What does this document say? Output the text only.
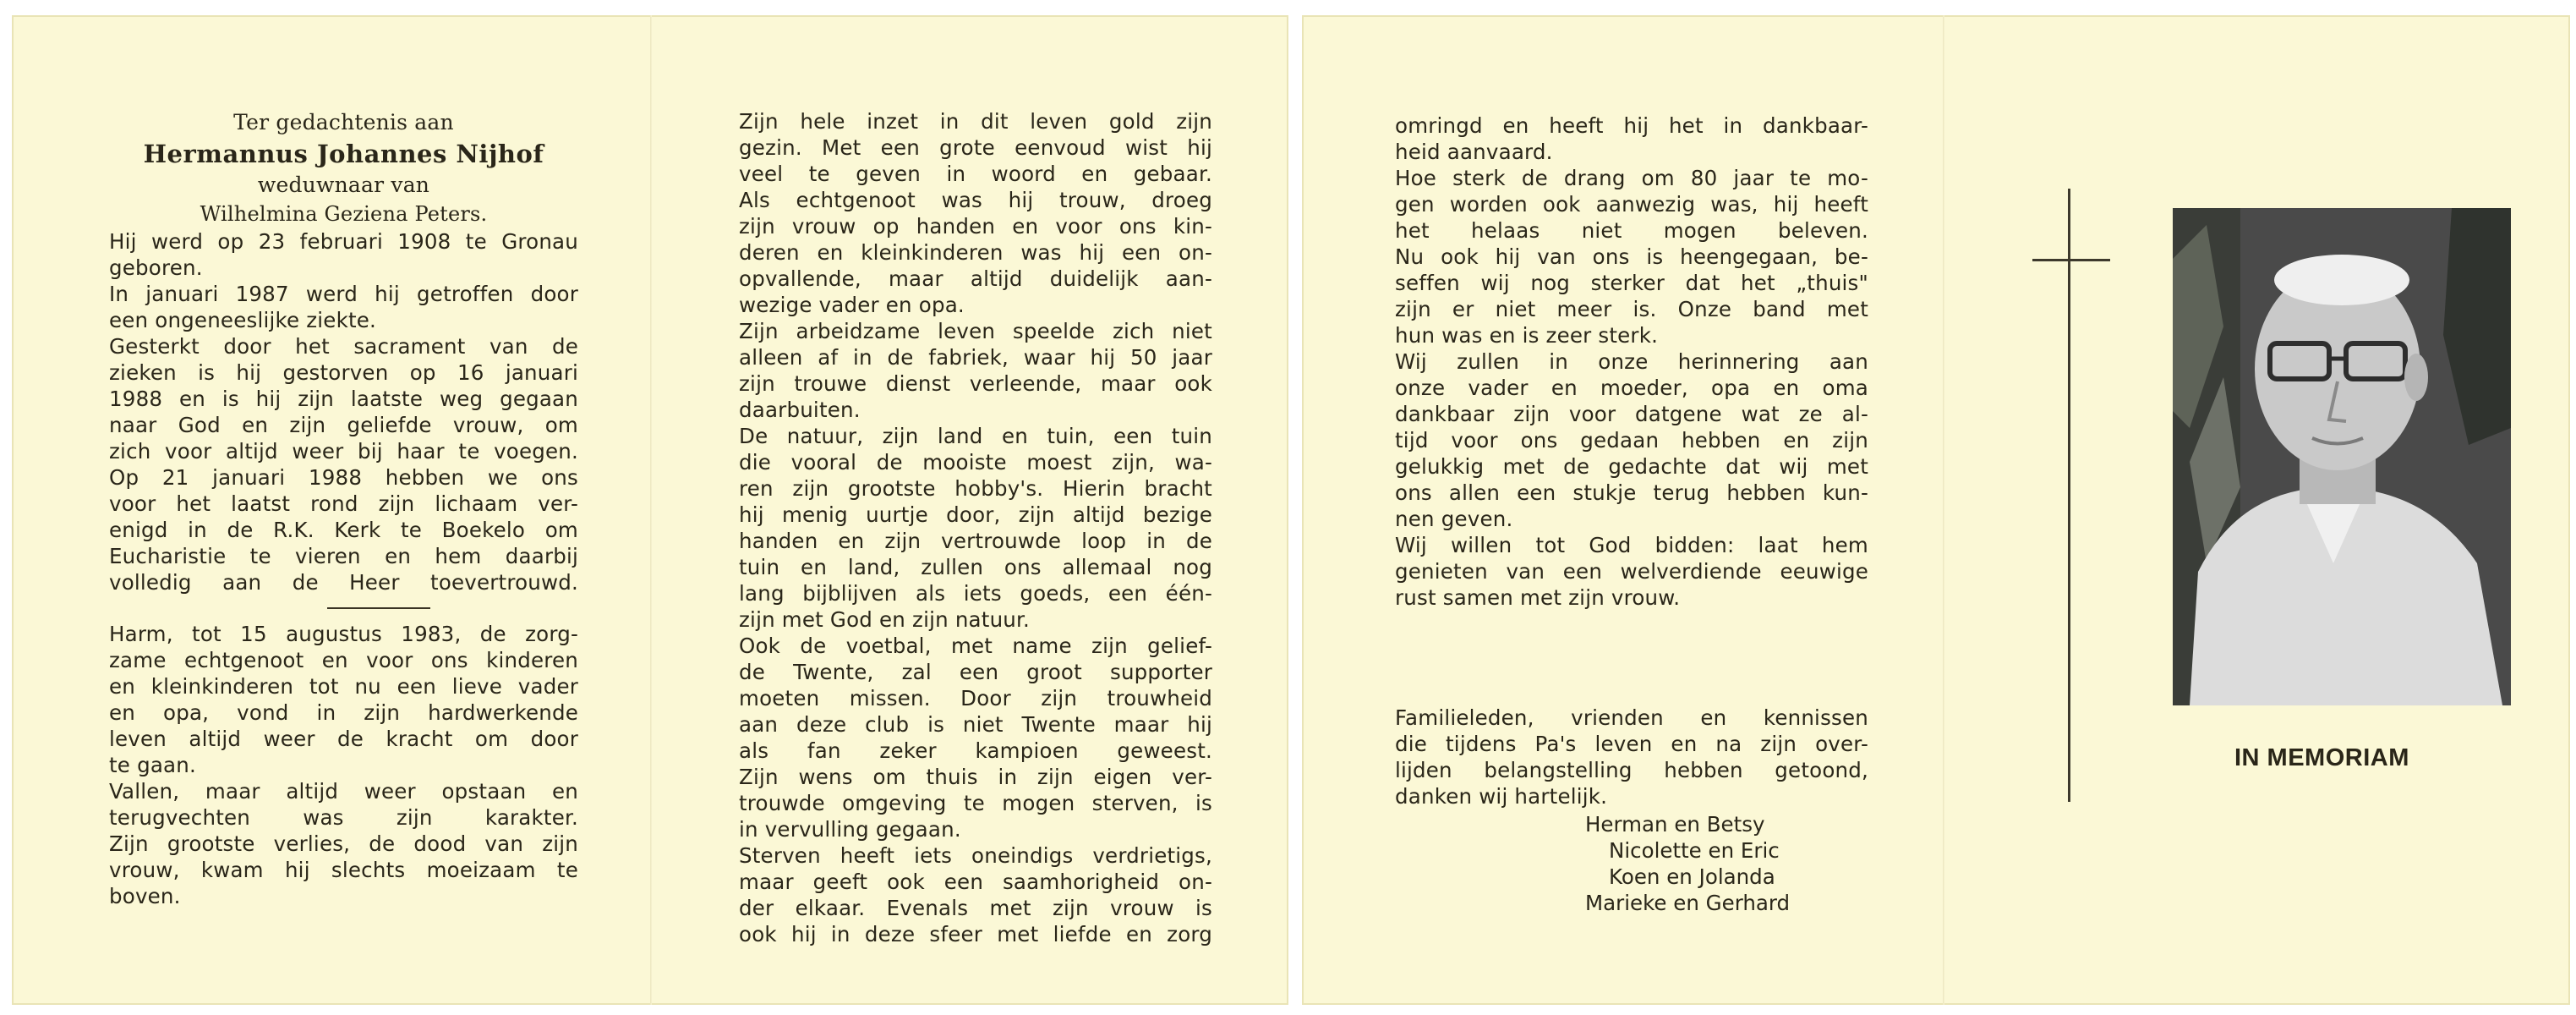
Ter gedachtenis aan

Hermannus Johannes Nijhof

weduwnaar van

Wilhelmina Geziena Peters.

Hij werd op 23 februari 1908 te Gronau

geboren.

In januari 1987 werd hij getroffen door

een ongeneeslijke ziekte.

Gesterkt door het sacrament van de

zieken is hij gestorven op 16 januari

1988 en is hij zijn laatste weg gegaan

naar God en zijn geliefde vrouw, om

zich voor altijd weer bij haar te voegen.

Op 21 januari 1988 hebben we ons

voor het laatst rond zijn lichaam ver-

enigd in de R.K. Kerk te Boekelo om

Eucharistie te vieren en hem daarbij

volledig aan de Heer toevertrouwd.

Harm, tot 15 augustus 1983, de zorg-

zame echtgenoot en voor ons kinderen

en kleinkinderen tot nu een lieve vader

en opa, vond in zijn hardwerkende

leven altijd weer de kracht om door

te gaan.

Vallen, maar altijd weer opstaan en

terugvechten was zijn karakter.

Zijn grootste verlies, de dood van zijn

vrouw, kwam hij slechts moeizaam te

boven.

Zijn hele inzet in dit leven gold zijn

gezin. Met een grote eenvoud wist hij

veel te geven in woord en gebaar.

Als echtgenoot was hij trouw, droeg

zijn vrouw op handen en voor ons kin-

deren en kleinkinderen was hij een on-

opvallende, maar altijd duidelijk aan-

wezige vader en opa.

Zijn arbeidzame leven speelde zich niet

alleen af in de fabriek, waar hij 50 jaar

zijn trouwe dienst verleende, maar ook

daarbuiten.

De natuur, zijn land en tuin, een tuin

die vooral de mooiste moest zijn, wa-

ren zijn grootste hobby's. Hierin bracht

hij menig uurtje door, zijn altijd bezige

handen en zijn vertrouwde loop in de

tuin en land, zullen ons allemaal nog

lang bijblijven als iets goeds, een één-

zijn met God en zijn natuur.

Ook de voetbal, met name zijn gelief-

de Twente, zal een groot supporter

moeten missen. Door zijn trouwheid

aan deze club is niet Twente maar hij

als fan zeker kampioen geweest.

Zijn wens om thuis in zijn eigen ver-

trouwde omgeving te mogen sterven, is

in vervulling gegaan.

Sterven heeft iets oneindigs verdrietigs,

maar geeft ook een saamhorigheid on-

der elkaar. Evenals met zijn vrouw is

ook hij in deze sfeer met liefde en zorg

omringd en heeft hij het in dankbaar-

heid aanvaard.

Hoe sterk de drang om 80 jaar te mo-

gen worden ook aanwezig was, hij heeft

het helaas niet mogen beleven.

Nu ook hij van ons is heengegaan, be-

seffen wij nog sterker dat het „thuis"

zijn er niet meer is. Onze band met

hun was en is zeer sterk.

Wij zullen in onze herinnering aan

onze vader en moeder, opa en oma

dankbaar zijn voor datgene wat ze al-

tijd voor ons gedaan hebben en zijn

gelukkig met de gedachte dat wij met

ons allen een stukje terug hebben kun-

nen geven.

Wij willen tot God bidden: laat hem

genieten van een welverdiende eeuwige

rust samen met zijn vrouw.

Familieleden, vrienden en kennissen

die tijdens Pa's leven en na zijn over-

lijden belangstelling hebben getoond,

danken wij hartelijk.

Herman en Betsy
Nicolette en Eric
Koen en Jolanda
Marieke en Gerhard
IN MEMORIAM
